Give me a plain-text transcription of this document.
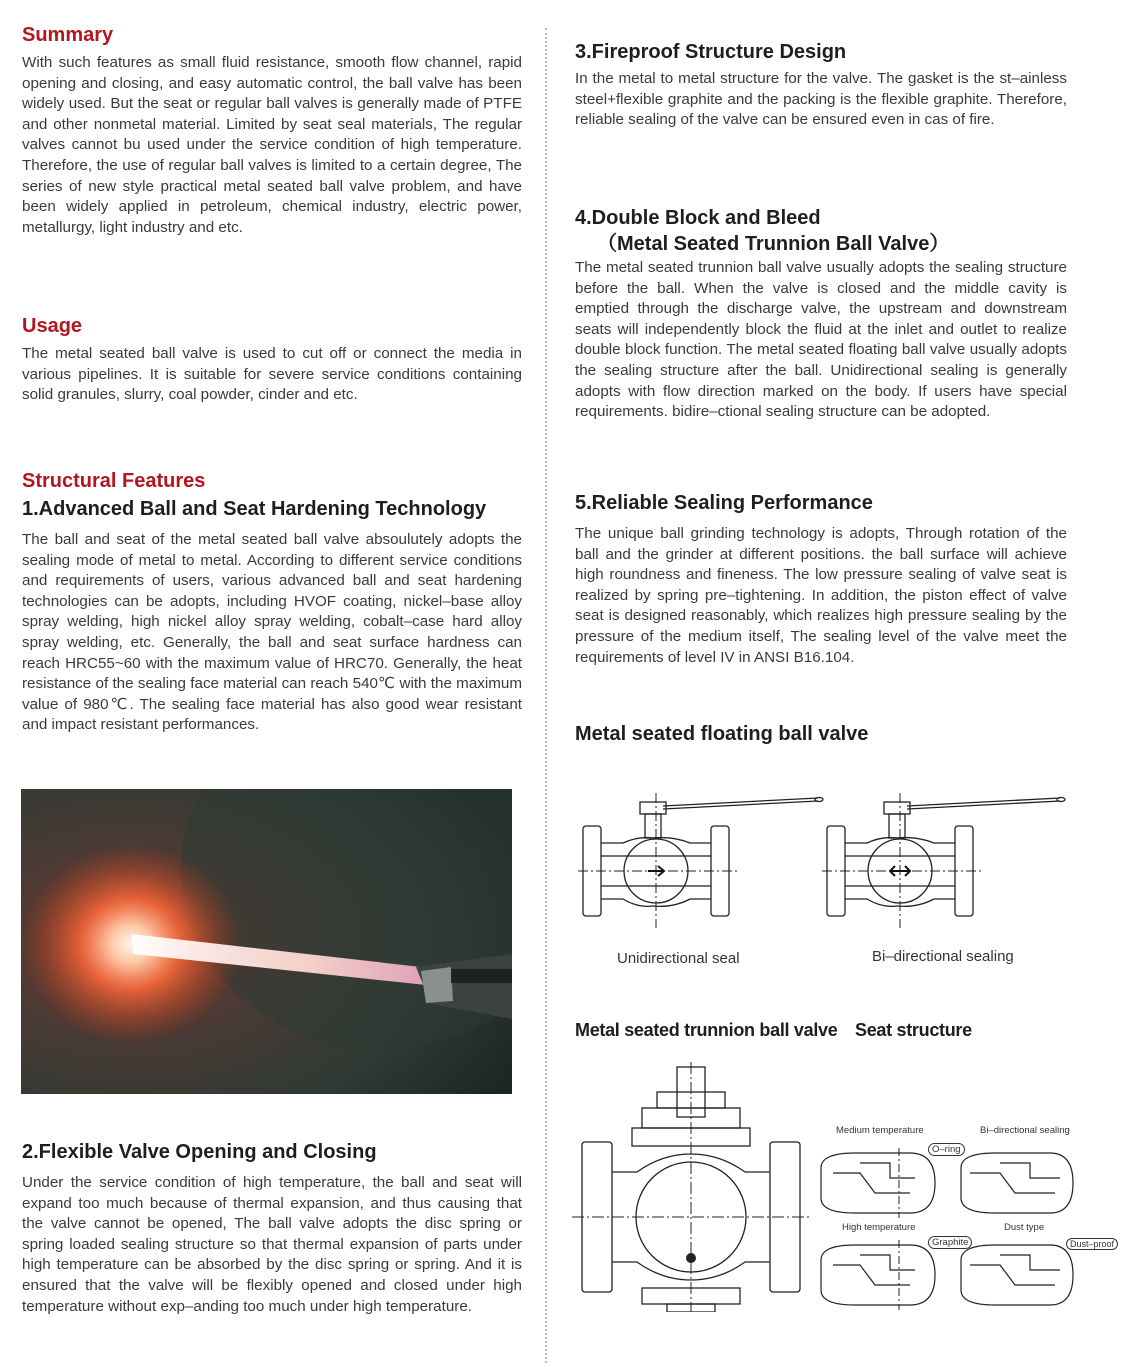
Summary

With such features as small fluid resistance, smooth flow channel, rapid opening and closing, and easy automatic control, the ball valve has been widely used. But the seat or regular ball valves is generally made of PTFE and other nonmetal material. Limited by seat seal materials, The regular valves cannot bu used under the service condition of high temperature. Therefore, the use of regular ball valves is limited to a certain degree, The series of new style practical metal seated ball valve problem, and have been widely applied in petroleum, chemical industry, electric power, metallurgy, light industry and etc.

Usage

The metal seated ball valve is used to cut off or connect the media in various pipelines. It is suitable for severe service conditions containing solid granules, slurry, coal powder, cinder and etc.

Structural Features
1.Advanced Ball and Seat Hardening Technology

The ball and seat of the metal seated ball valve absoulutely adopts the sealing mode of metal to metal. According to different service conditions and requirements of users, various advanced ball and seat hardening technologies can be adopts, including HVOF coating, nickel–base alloy spray welding, high nickel alloy spray welding, cobalt–case hard alloy spray welding, etc. Generally, the ball and seat surface hardness can reach HRC55~60 with the maximum value of HRC70. Generally, the heat resistance of the sealing face material can reach 540℃ with the maximum value of 980℃. The sealing face material has also good wear resistant and impact resistant performances.

2.Flexible Valve Opening and Closing

Under the service condition of high temperature, the ball and seat will expand too much because of thermal expansion, and thus causing that the valve cannot be opened, The ball valve adopts the disc spring or spring loaded sealing structure so that thermal expansion of parts under high temperature can be absorbed by the disc spring or spring. And it is ensured that the valve will be flexibly opened and closed under high temperature without exp–anding too much under high temperature.

3.Fireproof Structure Design

In the metal to metal structure for the valve. The gasket is the st–ainless steel+flexible graphite and the packing is the flexible graphite. Therefore, reliable sealing of the valve can be ensured even in cas of fire.

4.Double Block and Bleed
（Metal Seated Trunnion Ball Valve）

The metal seated trunnion ball valve usually adopts the sealing structure before the ball. When the valve is closed and the middle cavity is emptied through the discharge valve, the upstream and downstream seats will independently block the fluid at the inlet and outlet to realize double block function. The metal seated floating ball valve usually adopts the sealing structure after the ball. Unidirectional sealing is generally adopts with flow direction marked on the body. If users have special requirements. bidire–ctional sealing structure can be adopted.

5.Reliable Sealing Performance

The unique ball grinding technology is adopts, Through rotation of the ball and the grinder at different positions. the ball surface will achieve high roundness and fineness. The low pressure sealing of valve seat is realized by spring pre–tightening. In addition, the piston effect of valve seat is designed reasonably, which realizes high pressure sealing by the pressure of the medium itself, The sealing level of the valve meet the requirements of level IV in ANSI B16.104.

Metal seated floating ball valve
Unidirectional seal	Bi–directional sealing
Metal seated trunnion ball valve Seat structure
Medium temperature	Bi–directional sealing
O–ring
High temperature	Dust type
Graphite	Dust–proof
